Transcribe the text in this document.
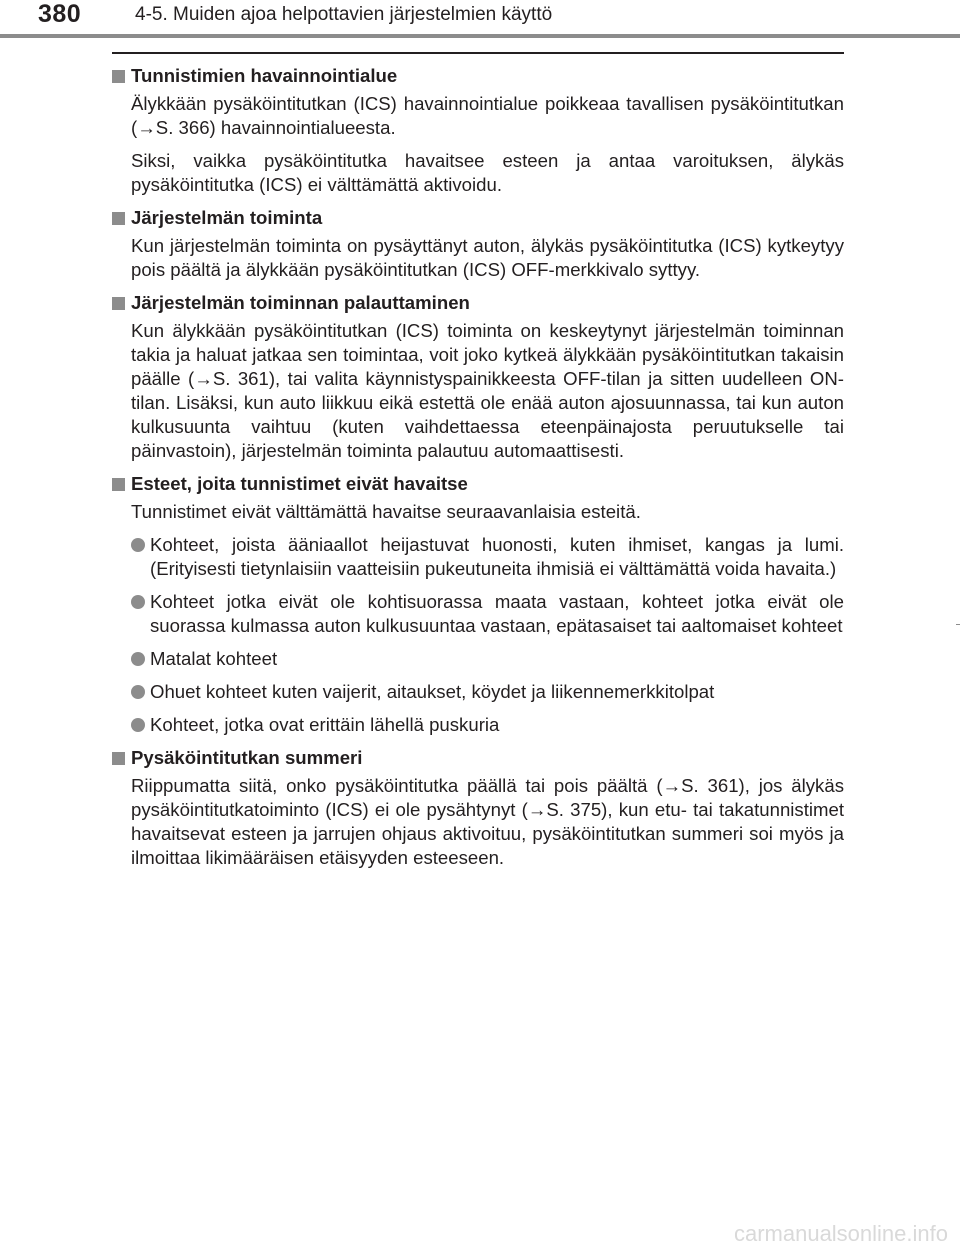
380	4-5. Muiden ajoa helpottavien järjestelmien käyttö
Tunnistimien havainnointialue

Älykkään pysäköintitutkan (ICS) havainnointialue poikkeaa tavallisen pysäköintitutkan (→S. 366) havainnointialueesta.

Siksi, vaikka pysäköintitutka havaitsee esteen ja antaa varoituksen, älykäs pysäköintitutka (ICS) ei välttämättä aktivoidu.

Järjestelmän toiminta

Kun järjestelmän toiminta on pysäyttänyt auton, älykäs pysäköintitutka (ICS) kytkeytyy pois päältä ja älykkään pysäköintitutkan (ICS) OFF-merkkivalo syttyy.

Järjestelmän toiminnan palauttaminen

Kun älykkään pysäköintitutkan (ICS) toiminta on keskeytynyt järjestelmän toiminnan takia ja haluat jatkaa sen toimintaa, voit joko kytkeä älykkään pysäköintitutkan takaisin päälle (→S. 361), tai valita käynnistyspainikkeesta OFF-tilan ja sitten uudelleen ON-tilan. Lisäksi, kun auto liikkuu eikä estettä ole enää auton ajosuunnassa, tai kun auton kulkusuunta vaihtuu (kuten vaihdettaessa eteenpäinajosta peruutukselle tai päinvastoin), järjestelmän toiminta palautuu automaattisesti.

Esteet, joita tunnistimet eivät havaitse

Tunnistimet eivät välttämättä havaitse seuraavanlaisia esteitä.

Kohteet, joista ääniaallot heijastuvat huonosti, kuten ihmiset, kangas ja lumi. (Erityisesti tietynlaisiin vaatteisiin pukeutuneita ihmisiä ei välttämättä voida havaita.)
Kohteet jotka eivät ole kohtisuorassa maata vastaan, kohteet jotka eivät ole suorassa kulmassa auton kulkusuuntaa vastaan, epätasaiset tai aaltomaiset kohteet
Matalat kohteet
Ohuet kohteet kuten vaijerit, aitaukset, köydet ja liikennemerkkitolpat
Kohteet, jotka ovat erittäin lähellä puskuria
Pysäköintitutkan summeri

Riippumatta siitä, onko pysäköintitutka päällä tai pois päältä (→S. 361), jos älykäs pysäköintitutkatoiminto (ICS) ei ole pysähtynyt (→S. 375), kun etu- tai takatunnistimet havaitsevat esteen ja jarrujen ohjaus aktivoituu, pysäköintitutkan summeri soi myös ja ilmoittaa likimääräisen etäisyyden esteeseen.

carmanualsonline.info
